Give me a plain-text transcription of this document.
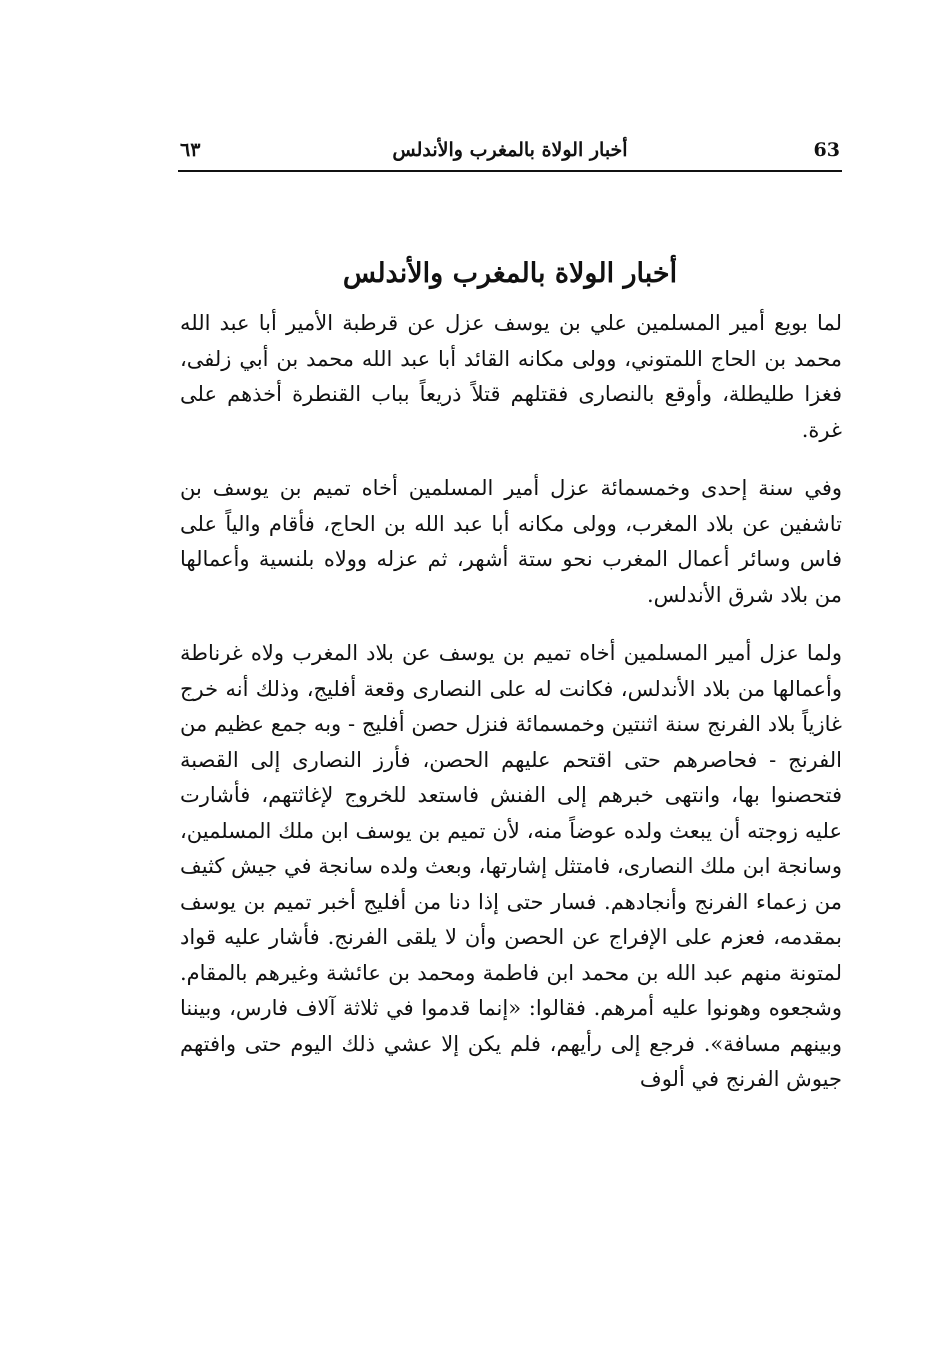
63
أخبار الولاة بالمغرب والأندلس
٦٣
أخبار الولاة بالمغرب والأندلس

لما بويع أمير المسلمين علي بن يوسف عزل عن قرطبة الأمير أبا عبد الله محمد بن الحاج اللمتوني، وولى مكانه القائد أبا عبد الله محمد بن أبي زلفى، فغزا طليطلة، وأوقع بالنصارى فقتلهم قتلاً ذريعاً بباب القنطرة أخذهم على غرة.

وفي سنة إحدى وخمسمائة عزل أمير المسلمين أخاه تميم بن يوسف بن تاشفين عن بلاد المغرب، وولى مكانه أبا عبد الله بن الحاج، فأقام والياً على فاس وسائر أعمال المغرب نحو ستة أشهر، ثم عزله وولاه بلنسية وأعمالها من بلاد شرق الأندلس.

ولما عزل أمير المسلمين أخاه تميم بن يوسف عن بلاد المغرب ولاه غرناطة وأعمالها من بلاد الأندلس، فكانت له على النصارى وقعة أفليج، وذلك أنه خرج غازياً بلاد الفرنج سنة اثنتين وخمسمائة فنزل حصن أفليج - وبه جمع عظيم من الفرنج - فحاصرهم حتى اقتحم عليهم الحصن، فأرز النصارى إلى القصبة فتحصنوا بها، وانتهى خبرهم إلى الفنش فاستعد للخروج لإغاثتهم، فأشارت عليه زوجته أن يبعث ولده عوضاً منه، لأن تميم بن يوسف ابن ملك المسلمين، وسانجة ابن ملك النصارى، فامتثل إشارتها، وبعث ولده سانجة في جيش كثيف من زعماء الفرنج وأنجادهم. فسار حتى إذا دنا من أفليج أخبر تميم بن يوسف بمقدمه، فعزم على الإفراج عن الحصن وأن لا يلقى الفرنج. فأشار عليه قواد لمتونة منهم عبد الله بن محمد ابن فاطمة ومحمد بن عائشة وغيرهم بالمقام. وشجعوه وهونوا عليه أمرهم. فقالوا: «إنما قدموا في ثلاثة آلاف فارس، وبيننا وبينهم مسافة». فرجع إلى رأيهم، فلم يكن إلا عشي ذلك اليوم حتى وافتهم جيوش الفرنج في ألوف
